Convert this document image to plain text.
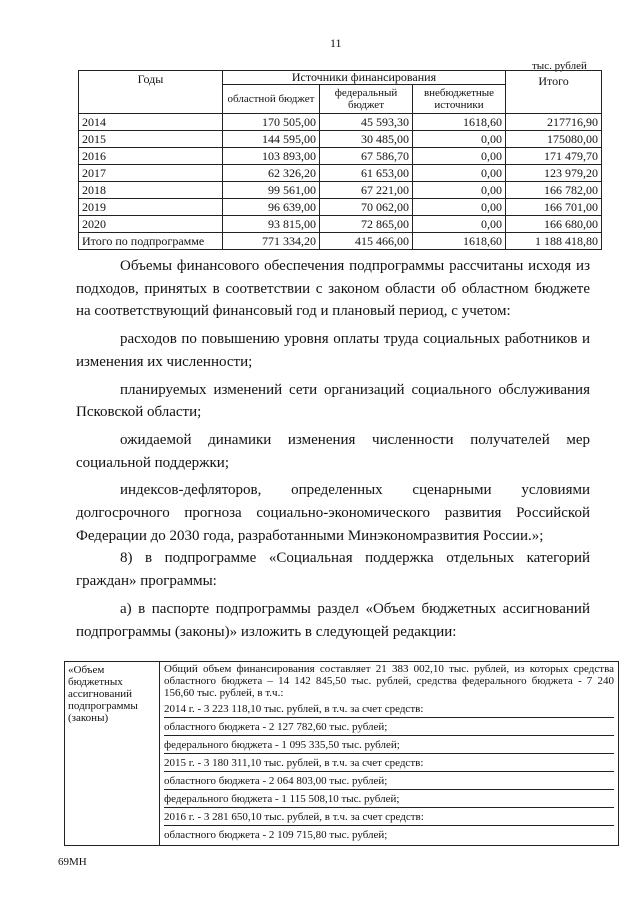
11
тыс. рублей
Годы	Источники финансирования			Итого
	областной бюджет	федеральный бюджет	внебюджетные источники	
2014	170 505,00	45 593,30	1618,60	217716,90
2015	144 595,00	30 485,00	0,00	175080,00
2016	103 893,00	67 586,70	0,00	171 479,70
2017	62 326,20	61 653,00	0,00	123 979,20
2018	99 561,00	67 221,00	0,00	166 782,00
2019	96 639,00	70 062,00	0,00	166 701,00
2020	93 815,00	72 865,00	0,00	166 680,00
Итого по подпрограмме	771 334,20	415 466,00	1618,60	1 188 418,80

Объемы финансового обеспечения подпрограммы рассчитаны исходя из подходов, принятых в соответствии с законом области об областном бюджете на соответствующий финансовый год и плановый период, с учетом:

расходов по повышению уровня оплаты труда социальных работников и изменения их численности;

планируемых изменений сети организаций социального обслуживания Псковской области;

ожидаемой динамики изменения численности получателей мер социальной поддержки;

индексов-дефляторов, определенных сценарными условиями долгосрочного прогноза социально-экономического развития Российской Федерации до 2030 года, разработанными Минэкономразвития России.»;

8) в подпрограмме «Социальная поддержка отдельных категорий граждан» программы:

а) в паспорте подпрограммы раздел «Объем бюджетных ассигнований подпрограммы (законы)» изложить в следующей редакции:

«Объем бюджетных ассигнований подпрограммы (законы)	
Общий объем финансирования составляет 21 383 002,10 тыс. рублей, из которых средства областного бюджета – 14 142 845,50 тыс. рублей, средства федерального бюджета - 7 240 156,60 тыс. рублей, в т.ч.:
2014 г. - 3 223 118,10 тыс. рублей, в т.ч. за счет средств:
областного бюджета - 2 127 782,60 тыс. рублей;
федерального бюджета - 1 095 335,50 тыс. рублей;
2015 г. - 3 180 311,10 тыс. рублей, в т.ч. за счет средств:
областного бюджета - 2 064 803,00 тыс. рублей;
федерального бюджета - 1 115 508,10 тыс. рублей;
2016 г. - 3 281 650,10 тыс. рублей, в т.ч. за счет средств:
областного бюджета - 2 109 715,80 тыс. рублей;
69МН
